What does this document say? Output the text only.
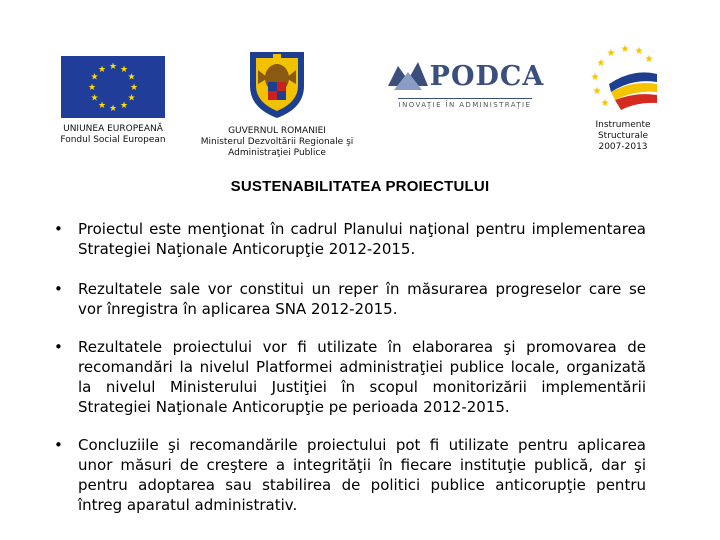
★ ★
★
★
★
★
★
★
★
★
★
★
UNIUNEA EUROPEANĂ
Fondul Social European
GUVERNUL ROMANIEI
Ministerul Dezvoltării Regionale şi
Administraţiei Publice
PODCA
INOVAŢIE ÎN ADMINISTRAŢIE
★ ★
★
★
★
★
★
★
Instrumente
Structurale
2007-2013
SUSTENABILITATEA PROIECTULUI
• Proiectul este menţionat în cadrul Planului naţional pentru implementarea Strategiei Naţionale Anticorupţie 2012-2015.
• Rezultatele sale vor constitui un reper în măsurarea progreselor care se vor înregistra în aplicarea SNA 2012-2015.
• Rezultatele proiectului vor fi utilizate în elaborarea şi promovarea de recomandări la nivelul Platformei administraţiei publice locale, organizată la nivelul Ministerului Justiţiei în scopul monitorizării implementării Strategiei Naţionale Anticorupţie pe perioada 2012-2015.
• Concluziile şi recomandările proiectului pot fi utilizate pentru aplicarea unor măsuri de creştere a integrităţii în fiecare instituţie publică, dar şi pentru adoptarea sau stabilirea de politici publice anticorupţie pentru întreg aparatul administrativ.
